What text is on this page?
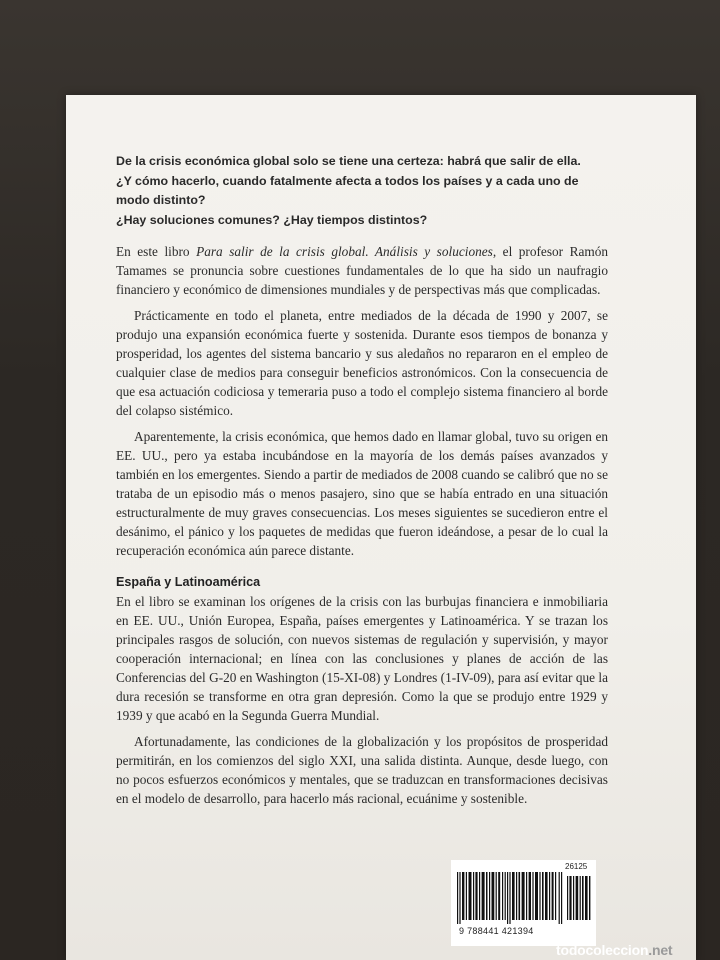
De la crisis económica global solo se tiene una certeza: habrá que salir de ella.

¿Y cómo hacerlo, cuando fatalmente afecta a todos los países y a cada uno de modo distinto?

¿Hay soluciones comunes? ¿Hay tiempos distintos?

En este libro Para salir de la crisis global. Análisis y soluciones, el profesor Ramón Tamames se pronuncia sobre cuestiones fundamentales de lo que ha sido un naufragio financiero y económico de dimensiones mundiales y de perspectivas más que complicadas.

Prácticamente en todo el planeta, entre mediados de la década de 1990 y 2007, se produjo una expansión económica fuerte y sostenida. Durante esos tiempos de bonanza y prosperidad, los agentes del sistema bancario y sus aledaños no repararon en el empleo de cualquier clase de medios para conseguir beneficios astronómicos. Con la consecuencia de que esa actuación codiciosa y temeraria puso a todo el complejo sistema financiero al borde del colapso sistémico.

Aparentemente, la crisis económica, que hemos dado en llamar global, tuvo su origen en EE. UU., pero ya estaba incubándose en la mayoría de los demás países avanzados y también en los emergentes. Siendo a partir de mediados de 2008 cuando se calibró que no se trataba de un episodio más o menos pasajero, sino que se había entrado en una situación estructuralmente de muy graves consecuencias. Los meses siguientes se sucedieron entre el desánimo, el pánico y los paquetes de medidas que fueron ideándose, a pesar de lo cual la recuperación económica aún parece distante.

España y Latinoamérica

En el libro se examinan los orígenes de la crisis con las burbujas financiera e inmobiliaria en EE. UU., Unión Europea, España, países emergentes y Latinoamérica. Y se trazan los principales rasgos de solución, con nuevos sistemas de regulación y supervisión, y mayor cooperación internacional; en línea con las conclusiones y planes de acción de las Conferencias del G-20 en Washington (15-XI-08) y Londres (1-IV-09), para así evitar que la dura recesión se transforme en otra gran depresión. Como la que se produjo entre 1929 y 1939 y que acabó en la Segunda Guerra Mundial.

Afortunadamente, las condiciones de la globalización y los propósitos de prosperidad permitirán, en los comienzos del siglo XXI, una salida distinta. Aunque, desde luego, con no pocos esfuerzos económicos y mentales, que se traduzcan en transformaciones decisivas en el modelo de desarrollo, para hacerlo más racional, ecuánime y sostenible.

26125
9 788441 421394
todocoleccion.net
